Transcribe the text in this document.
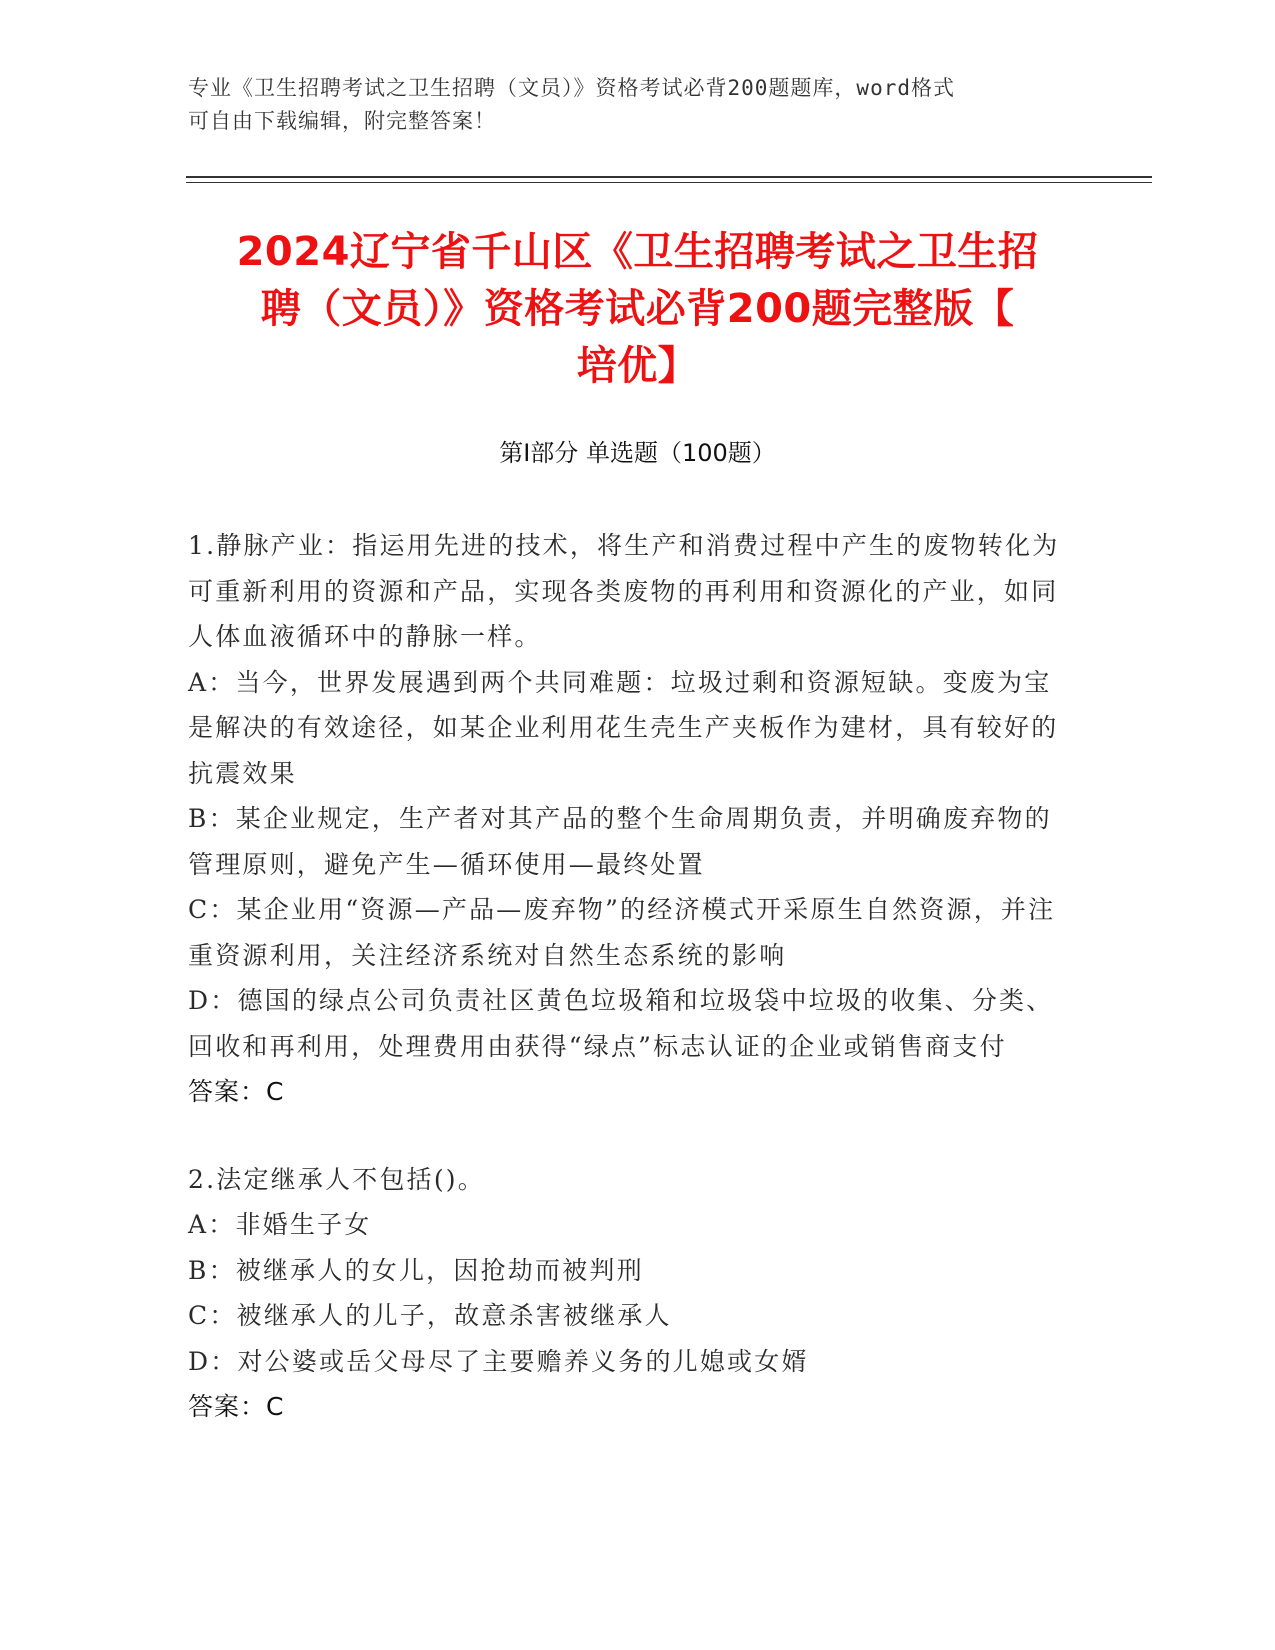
专业《卫生招聘考试之卫生招聘（文员）》资格考试必背200题题库，word格式
可自由下载编辑，附完整答案！
2024辽宁省千山区《卫生招聘考试之卫生招
聘（文员）》资格考试必背200题完整版【
培优】
第I部分 单选题（100题）

1.静脉产业：指运用先进的技术，将生产和消费过程中产生的废物转化为可重新利用的资源和产品，实现各类废物的再利用和资源化的产业，如同人体血液循环中的静脉一样。

A：当今，世界发展遇到两个共同难题：垃圾过剩和资源短缺。变废为宝是解决的有效途径，如某企业利用花生壳生产夹板作为建材，具有较好的抗震效果

B：某企业规定，生产者对其产品的整个生命周期负责，并明确废弃物的管理原则，避免产生—循环使用—最终处置

C：某企业用“资源—产品—废弃物”的经济模式开采原生自然资源，并注重资源利用，关注经济系统对自然生态系统的影响

D：德国的绿点公司负责社区黄色垃圾箱和垃圾袋中垃圾的收集、分类、回收和再利用，处理费用由获得“绿点”标志认证的企业或销售商支付

答案：C

2.法定继承人不包括()。

A：非婚生子女

B：被继承人的女儿，因抢劫而被判刑

C：被继承人的儿子，故意杀害被继承人

D：对公婆或岳父母尽了主要赡养义务的儿媳或女婿

答案：C
